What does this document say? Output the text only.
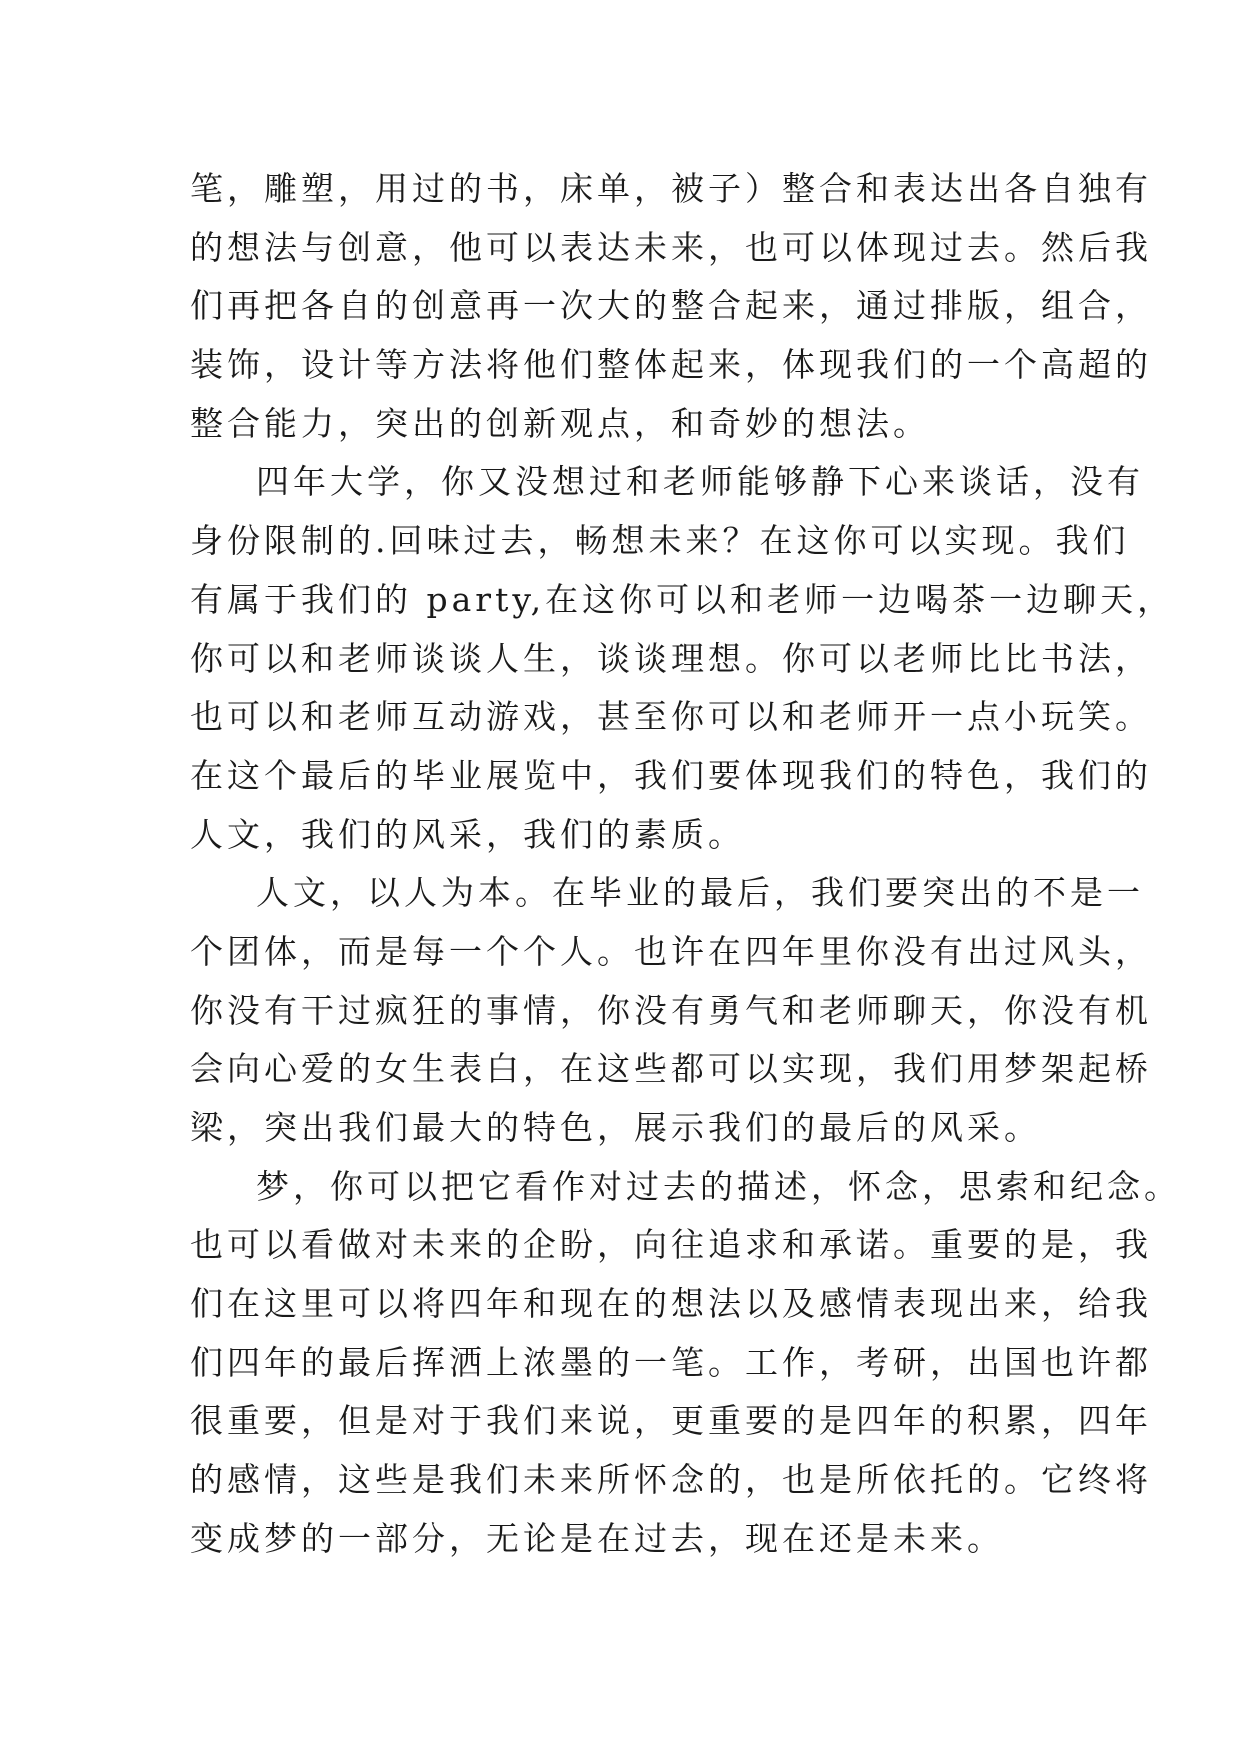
笔，雕塑，用过的书，床单，被子）整合和表达出各自独有
的想法与创意，他可以表达未来，也可以体现过去。然后我
们再把各自的创意再一次大的整合起来，通过排版，组合，
装饰，设计等方法将他们整体起来，体现我们的一个高超的
整合能力，突出的创新观点，和奇妙的想法。
四年大学，你又没想过和老师能够静下心来谈话，没有
身份限制的.回味过去，畅想未来？在这你可以实现。我们
有属于我们的 party,在这你可以和老师一边喝茶一边聊天，
你可以和老师谈谈人生，谈谈理想。你可以老师比比书法，
也可以和老师互动游戏，甚至你可以和老师开一点小玩笑。
在这个最后的毕业展览中，我们要体现我们的特色，我们的
人文，我们的风采，我们的素质。
人文，以人为本。在毕业的最后，我们要突出的不是一
个团体，而是每一个个人。也许在四年里你没有出过风头，
你没有干过疯狂的事情，你没有勇气和老师聊天，你没有机
会向心爱的女生表白，在这些都可以实现，我们用梦架起桥
梁，突出我们最大的特色，展示我们的最后的风采。
梦，你可以把它看作对过去的描述，怀念，思索和纪念。
也可以看做对未来的企盼，向往追求和承诺。重要的是，我
们在这里可以将四年和现在的想法以及感情表现出来，给我
们四年的最后挥洒上浓墨的一笔。工作，考研，出国也许都
很重要，但是对于我们来说，更重要的是四年的积累，四年
的感情，这些是我们未来所怀念的，也是所依托的。它终将
变成梦的一部分，无论是在过去，现在还是未来。
